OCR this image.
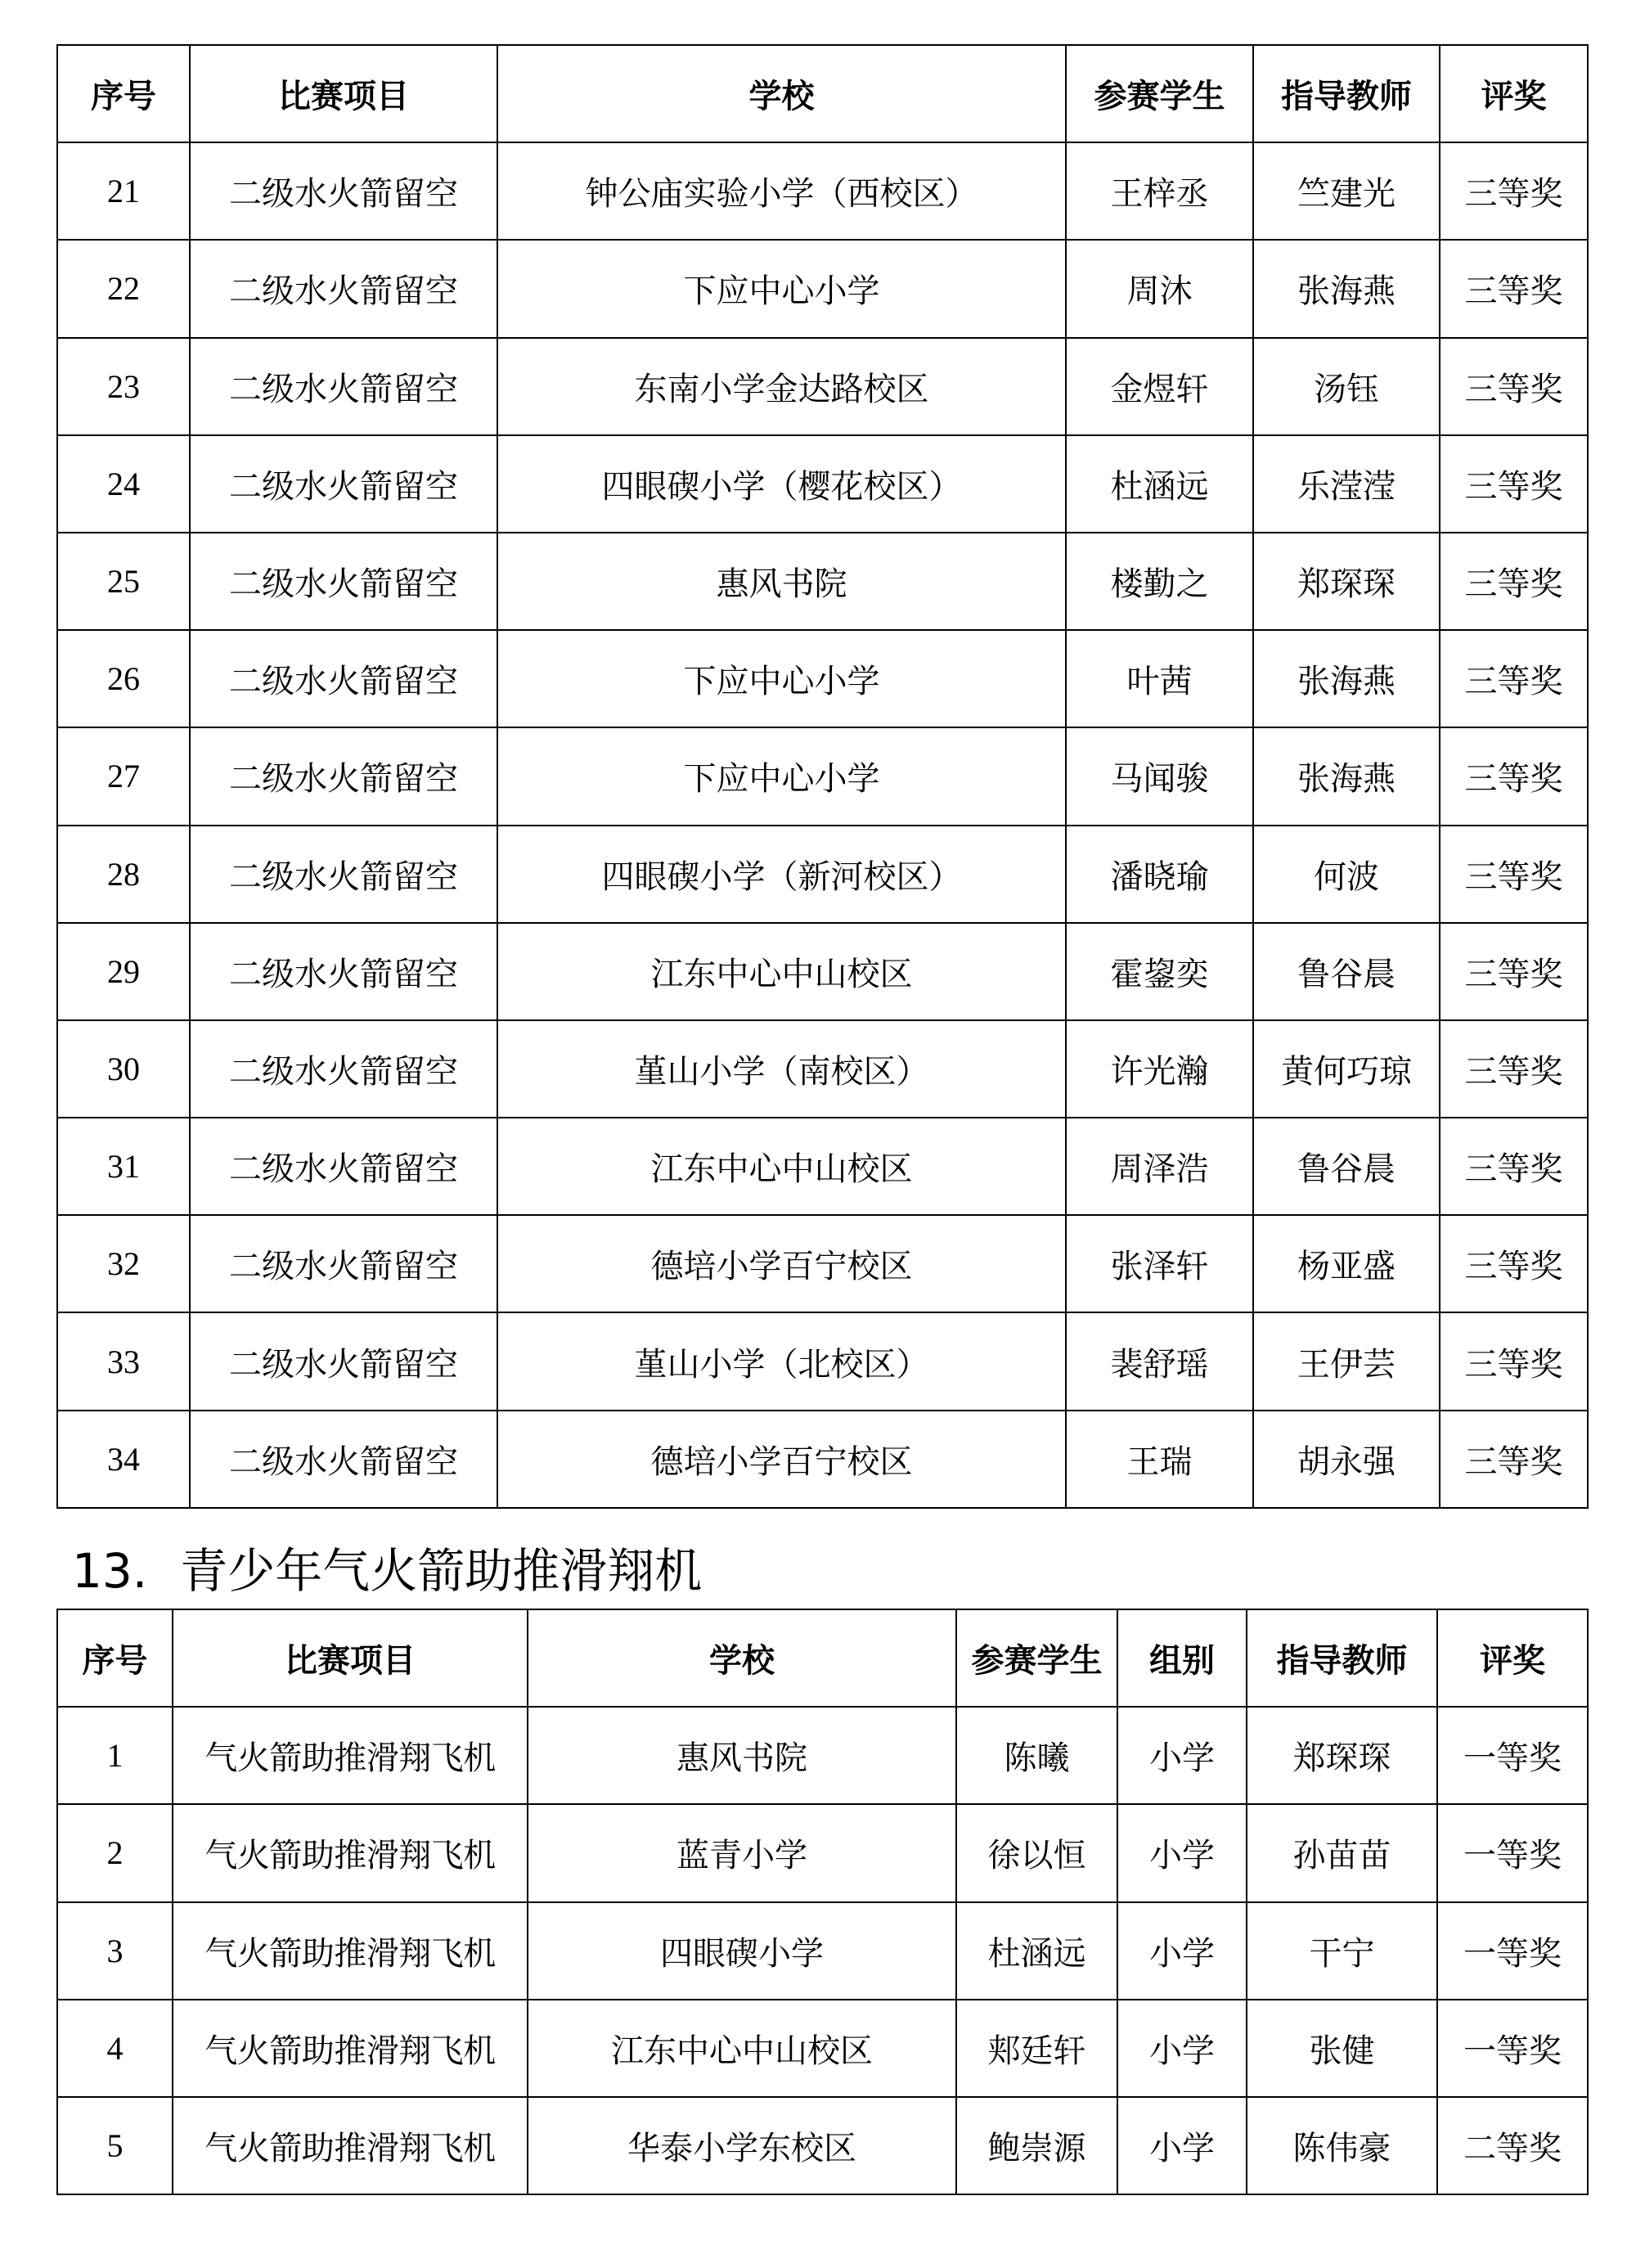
序号	比赛项目	学校	参赛学生	指导教师	评奖
21	二级水火箭留空	钟公庙实验小学（西校区）	王梓丞	竺建光	三等奖
22	二级水火箭留空	下应中心小学	周沐	张海燕	三等奖
23	二级水火箭留空	东南小学金达路校区	金煜轩	汤钰	三等奖
24	二级水火箭留空	四眼碶小学（樱花校区）	杜涵远	乐滢滢	三等奖
25	二级水火箭留空	惠风书院	楼勤之	郑琛琛	三等奖
26	二级水火箭留空	下应中心小学	叶茜	张海燕	三等奖
27	二级水火箭留空	下应中心小学	马闻骏	张海燕	三等奖
28	二级水火箭留空	四眼碶小学（新河校区）	潘晓瑜	何波	三等奖
29	二级水火箭留空	江东中心中山校区	霍鋆奕	鲁谷晨	三等奖
30	二级水火箭留空	堇山小学（南校区）	许光瀚	黄何巧琼	三等奖
31	二级水火箭留空	江东中心中山校区	周泽浩	鲁谷晨	三等奖
32	二级水火箭留空	德培小学百宁校区	张泽轩	杨亚盛	三等奖
33	二级水火箭留空	堇山小学（北校区）	裴舒瑶	王伊芸	三等奖
34	二级水火箭留空	德培小学百宁校区	王瑞	胡永强	三等奖
13. 青少年气火箭助推滑翔机
序号	比赛项目	学校	参赛学生	组别	指导教师	评奖
1	气火箭助推滑翔飞机	惠风书院	陈曦	小学	郑琛琛	一等奖
2	气火箭助推滑翔飞机	蓝青小学	徐以恒	小学	孙苗苗	一等奖
3	气火箭助推滑翔飞机	四眼碶小学	杜涵远	小学	干宁	一等奖
4	气火箭助推滑翔飞机	江东中心中山校区	郏廷轩	小学	张健	一等奖
5	气火箭助推滑翔飞机	华泰小学东校区	鲍崇源	小学	陈伟豪	二等奖
